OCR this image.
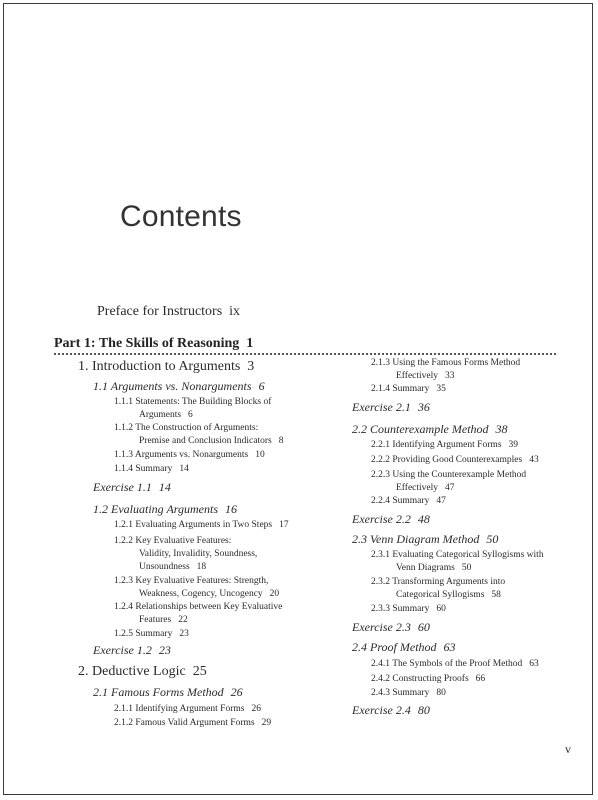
Contents
Preface for Instructors ix
Part 1: The Skills of Reasoning 1
1. Introduction to Arguments 3
1.1 Arguments vs. Nonarguments 6
1.1.1 Statements: The Building Blocks of
Arguments 6
1.1.2 The Construction of Arguments:
Premise and Conclusion Indicators 8
1.1.3 Arguments vs. Nonarguments 10
1.1.4 Summary 14
Exercise 1.1 14
1.2 Evaluating Arguments 16
1.2.1 Evaluating Arguments in Two Steps 17
1.2.2 Key Evaluative Features:
Validity, Invalidity, Soundness,
Unsoundness 18
1.2.3 Key Evaluative Features: Strength,
Weakness, Cogency, Uncogency 20
1.2.4 Relationships between Key Evaluative
Features 22
1.2.5 Summary 23
Exercise 1.2 23
2. Deductive Logic 25
2.1 Famous Forms Method 26
2.1.1 Identifying Argument Forms 26
2.1.2 Famous Valid Argument Forms 29
2.1.3 Using the Famous Forms Method
Effectively 33
2.1.4 Summary 35
Exercise 2.1 36
2.2 Counterexample Method 38
2.2.1 Identifying Argument Forms 39
2.2.2 Providing Good Counterexamples 43
2.2.3 Using the Counterexample Method
Effectively 47
2.2.4 Summary 47
Exercise 2.2 48
2.3 Venn Diagram Method 50
2.3.1 Evaluating Categorical Syllogisms with
Venn Diagrams 50
2.3.2 Transforming Arguments into
Categorical Syllogisms 58
2.3.3 Summary 60
Exercise 2.3 60
2.4 Proof Method 63
2.4.1 The Symbols of the Proof Method 63
2.4.2 Constructing Proofs 66
2.4.3 Summary 80
Exercise 2.4 80
v
